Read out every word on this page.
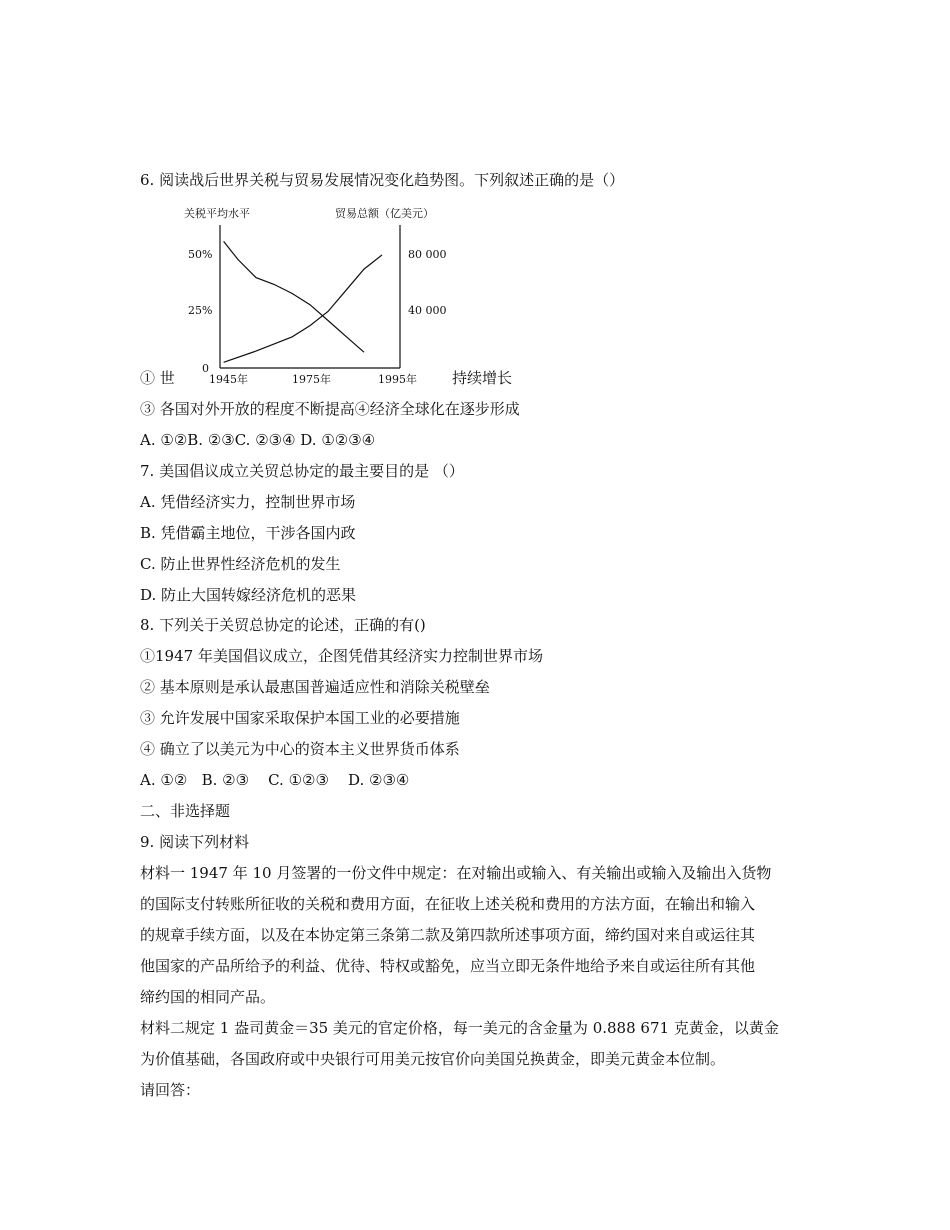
6. 阅读战后世界关税与贸易发展情况变化趋势图。下列叙述正确的是（）
关税平均水平	贸易总额（亿美元）
50%
25%
0
80 000
40 000
1945年	1975年	1995年
① 世	持续增长
③ 各国对外开放的程度不断提高④经济全球化在逐步形成
A. ①②B. ②③C. ②③④ D. ①②③④
7. 美国倡议成立关贸总协定的最主要目的是 （）
A. 凭借经济实力，控制世界市场
B. 凭借霸主地位，干涉各国内政
C. 防止世界性经济危机的发生
D. 防止大国转嫁经济危机的恶果
8. 下列关于关贸总协定的论述，正确的有()
①1947 年美国倡议成立，企图凭借其经济实力控制世界市场
② 基本原则是承认最惠国普遍适应性和消除关税壁垒
③ 允许发展中国家采取保护本国工业的必要措施
④ 确立了以美元为中心的资本主义世界货币体系
A. ①②   B. ②③    C. ①②③    D. ②③④
二、非选择题
9. 阅读下列材料
材料一 1947 年 10 月签署的一份文件中规定：在对输出或输入、有关输出或输入及输出入货物
的国际支付转账所征收的关税和费用方面，在征收上述关税和费用的方法方面，在输出和输入
的规章手续方面，以及在本协定第三条第二款及第四款所述事项方面，缔约国对来自或运往其
他国家的产品所给予的利益、优待、特权或豁免，应当立即无条件地给予来自或运往所有其他
缔约国的相同产品。
材料二规定 1 盎司黄金＝35 美元的官定价格，每一美元的含金量为 0.888 671 克黄金，以黄金
为价值基础，各国政府或中央银行可用美元按官价向美国兑换黄金，即美元黄金本位制。
请回答：
